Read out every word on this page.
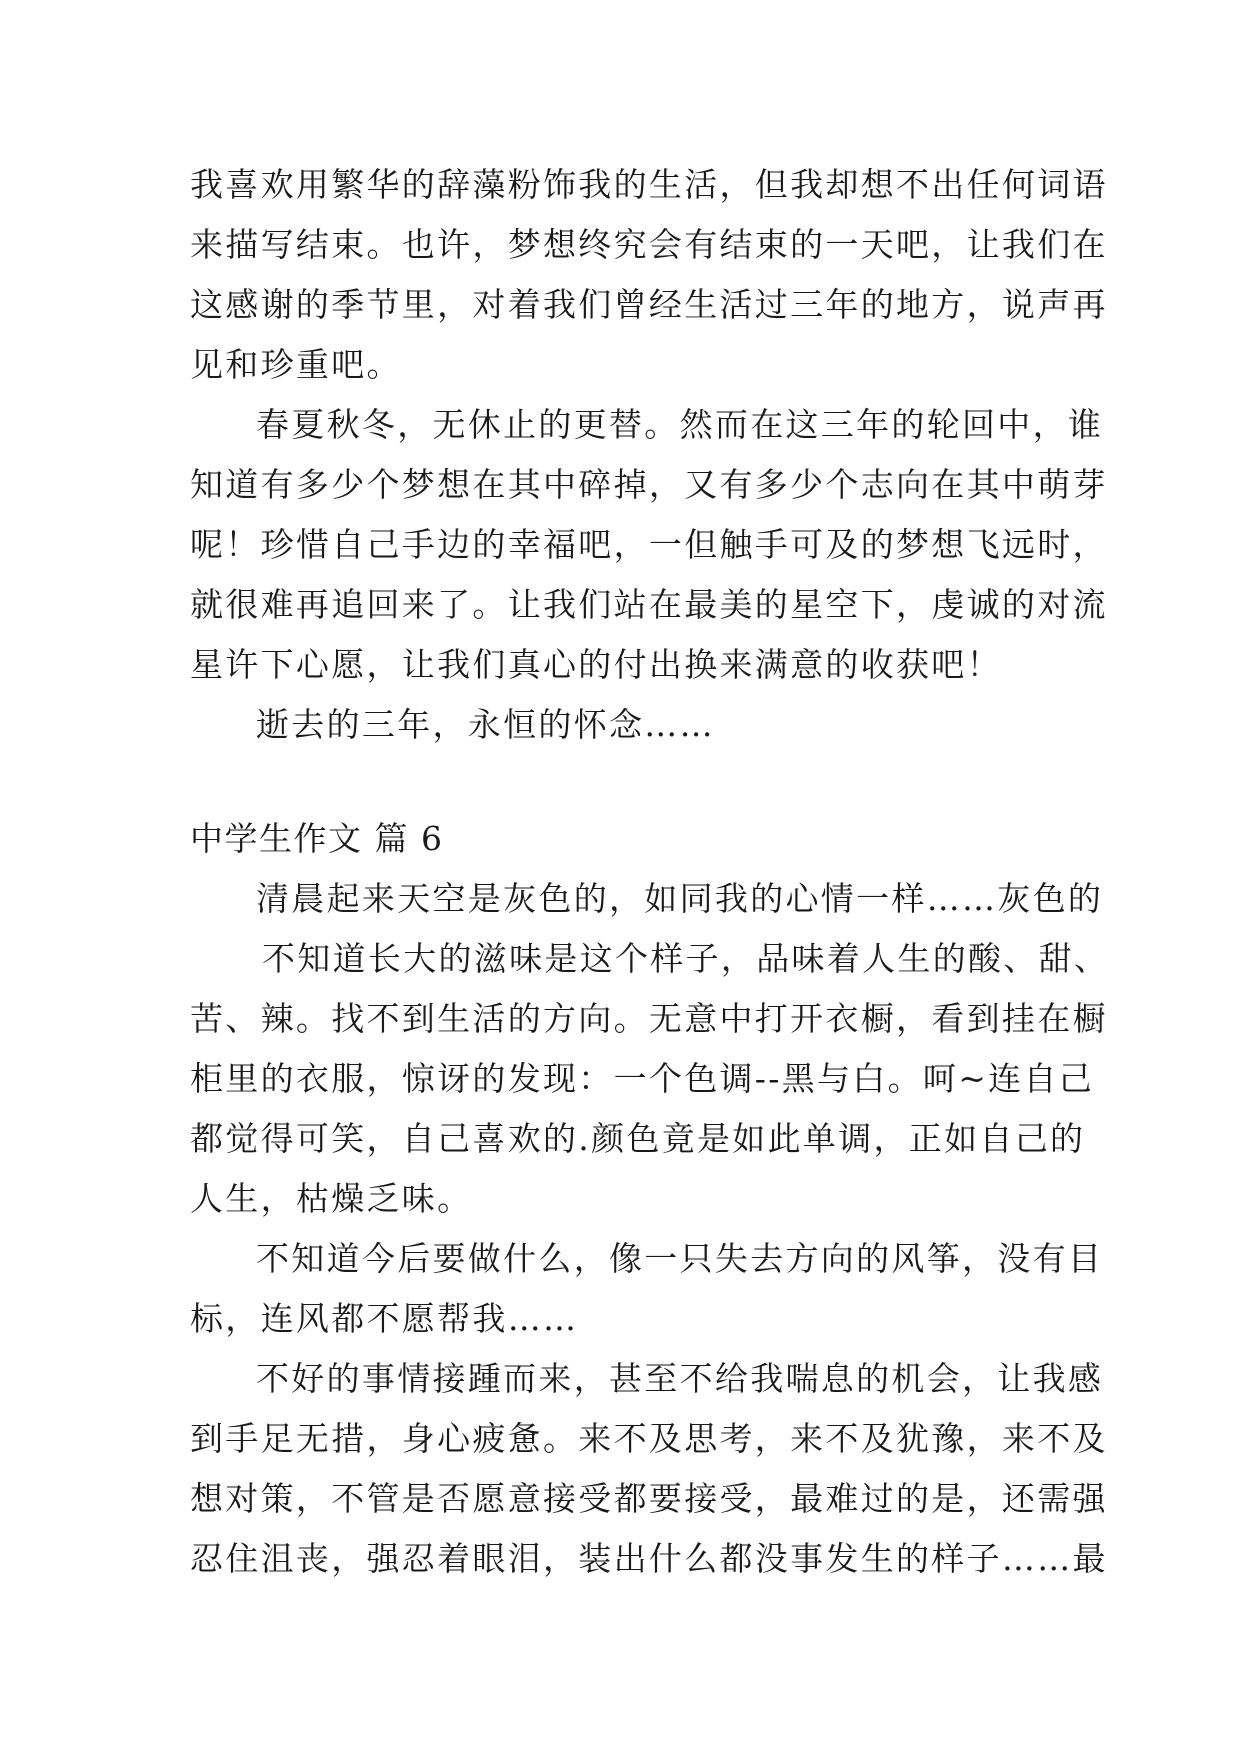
我喜欢用繁华的辞藻粉饰我的生活，但我却想不出任何词语
来描写结束。也许，梦想终究会有结束的一天吧，让我们在
这感谢的季节里，对着我们曾经生活过三年的地方，说声再
见和珍重吧。
春夏秋冬，无休止的更替。然而在这三年的轮回中，谁
知道有多少个梦想在其中碎掉，又有多少个志向在其中萌芽
呢！珍惜自己手边的幸福吧，一但触手可及的梦想飞远时，
就很难再追回来了。让我们站在最美的星空下，虔诚的对流
星许下心愿，让我们真心的付出换来满意的收获吧！
逝去的三年，永恒的怀念……
中学生作文 篇 6
清晨起来天空是灰色的，如同我的心情一样……灰色的
不知道长大的滋味是这个样子，品味着人生的酸、甜、
苦、辣。找不到生活的方向。无意中打开衣橱，看到挂在橱
柜里的衣服，惊讶的发现：一个色调--黑与白。呵~连自己
都觉得可笑，自己喜欢的.颜色竟是如此单调，正如自己的
人生，枯燥乏味。
不知道今后要做什么，像一只失去方向的风筝，没有目
标，连风都不愿帮我……
不好的事情接踵而来，甚至不给我喘息的机会，让我感
到手足无措，身心疲惫。来不及思考，来不及犹豫，来不及
想对策，不管是否愿意接受都要接受，最难过的是，还需强
忍住沮丧，强忍着眼泪，装出什么都没事发生的样子……最
